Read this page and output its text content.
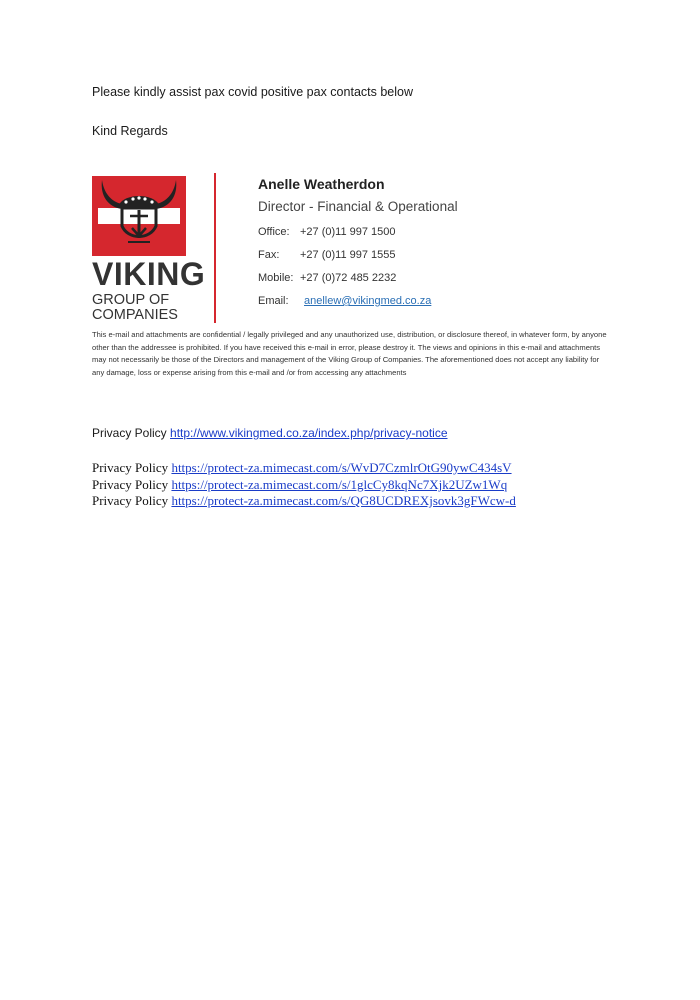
Please kindly assist pax covid positive pax contacts below
Kind Regards
VIKING
GROUP OF
COMPANIES
Anelle Weatherdon
Director - Financial & Operational
Office: +27 (0)11 997 1500
Fax:	+27 (0)11 997 1555
Mobile: +27 (0)72 485 2232
Email:	anellew@vikingmed.co.za
This e-mail and attachments are confidential / legally privileged and any unauthorized use, distribution, or disclosure thereof, in whatever form, by anyone other than the addressee is prohibited. If you have received this e-mail in error, please destroy it. The views and opinions in this e-mail and attachments may not necessarily be those of the Directors and management of the Viking Group of Companies. The aforementioned does not accept any liability for any damage, loss or expense arising from this e-mail and /or from accessing any attachments
Privacy Policy http://www.vikingmed.co.za/index.php/privacy-notice
Privacy Policy https://protect-za.mimecast.com/s/WvD7CzmlrOtG90ywC434sV
Privacy Policy https://protect-za.mimecast.com/s/1glcCy8kqNc7Xjk2UZw1Wq
Privacy Policy https://protect-za.mimecast.com/s/QG8UCDREXjsovk3gFWcw-d
